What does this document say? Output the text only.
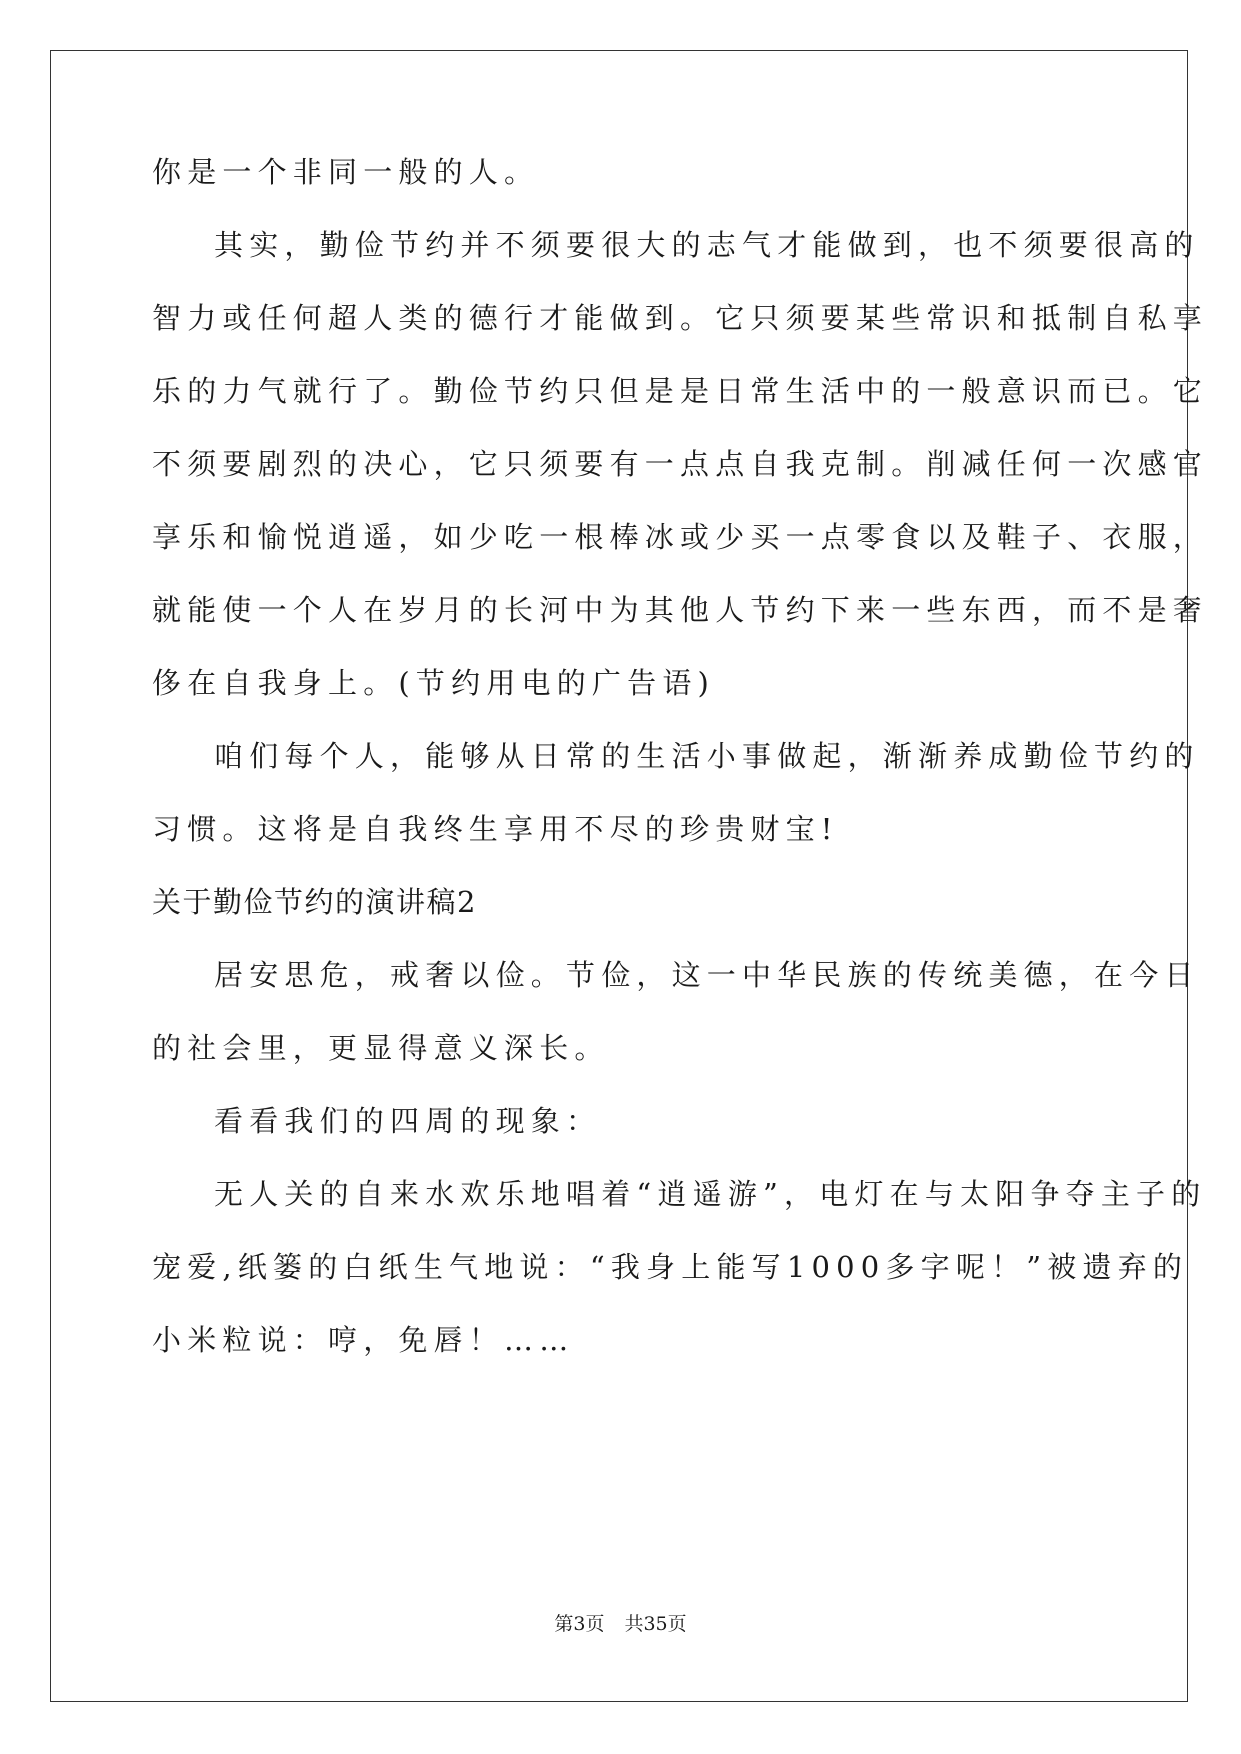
你是一个非同一般的人。
其实，勤俭节约并不须要很大的志气才能做到，也不须要很高的
智力或任何超人类的德行才能做到。它只须要某些常识和抵制自私享
乐的力气就行了。勤俭节约只但是是日常生活中的一般意识而已。它
不须要剧烈的决心，它只须要有一点点自我克制。削减任何一次感官
享乐和愉悦逍遥，如少吃一根棒冰或少买一点零食以及鞋子、衣服，
就能使一个人在岁月的长河中为其他人节约下来一些东西，而不是奢
侈在自我身上。(节约用电的广告语)
咱们每个人，能够从日常的生活小事做起，渐渐养成勤俭节约的
习惯。这将是自我终生享用不尽的珍贵财宝!
关于勤俭节约的演讲稿2
居安思危，戒奢以俭。节俭，这一中华民族的传统美德，在今日
的社会里，更显得意义深长。
看看我们的四周的现象：
无人关的自来水欢乐地唱着“逍遥游”，电灯在与太阳争夺主子的
宠爱,纸篓的白纸生气地说：“我身上能写1000多字呢！”被遗弃的
小米粒说：哼，免唇！……
第3页 共35页
